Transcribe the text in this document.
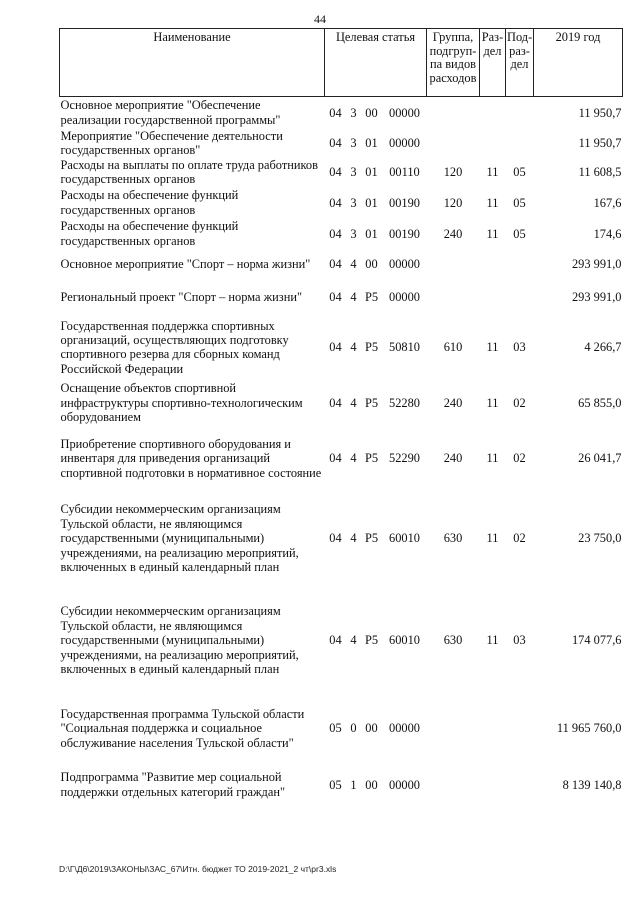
44
Наименование	Целевая статья				Группа, подгруп-па видов расходов	Раз-дел	Под-раз-дел	2019 год
Основное мероприятие "Обеспечение реализации государственной программы"	04	3	00	00000				11 950,7
Мероприятие "Обеспечение деятельности государственных органов"	04	3	01	00000				11 950,7
Расходы на выплаты по оплате труда работников государственных органов	04	3	01	00110	120	11	05	11 608,5
Расходы на обеспечение функций государственных органов	04	3	01	00190	120	11	05	167,6
Расходы на обеспечение функций государственных органов	04	3	01	00190	240	11	05	174,6
Основное мероприятие "Спорт – норма жизни"	04	4	00	00000				293 991,0
Региональный проект "Спорт – норма жизни"	04	4	Р5	00000				293 991,0
Государственная поддержка спортивных организаций, осуществляющих подготовку спортивного резерва для сборных команд Российской Федерации	04	4	Р5	50810	610	11	03	4 266,7
Оснащение объектов спортивной инфраструктуры спортивно-технологическим оборудованием	04	4	Р5	52280	240	11	02	65 855,0
Приобретение спортивного оборудования и инвентаря для приведения организаций спортивной подготовки в нормативное состояние	04	4	Р5	52290	240	11	02	26 041,7
Субсидии некоммерческим организациям Тульской области, не являющимся государственными (муниципальными) учреждениями, на реализацию мероприятий, включенных в единый календарный план	04	4	Р5	60010	630	11	02	23 750,0
Субсидии некоммерческим организациям Тульской области, не являющимся государственными (муниципальными) учреждениями, на реализацию мероприятий, включенных в единый календарный план	04	4	Р5	60010	630	11	03	174 077,6
Государственная программа Тульской области "Социальная поддержка и социальное обслуживание населения Тульской области"	05	0	00	00000				11 965 760,0
Подпрограмма "Развитие мер социальной поддержки отдельных категорий граждан"	05	1	00	00000				8 139 140,8
D:\Г\Д6\2019\ЗАКОНЫ\ЗАС_67\Итн. бюджет ТО 2019-2021_2 чт\pr3.xls
